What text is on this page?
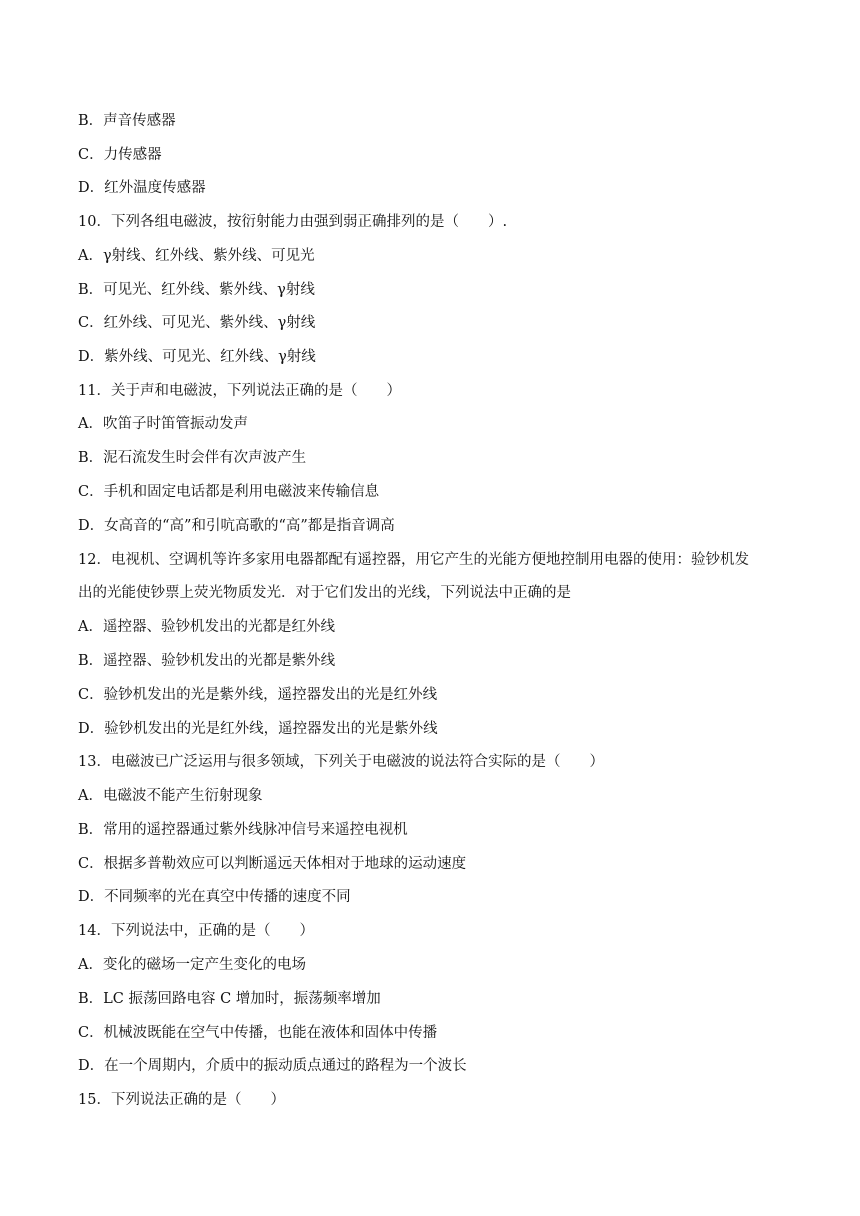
B．声音传感器
C．力传感器
D．红外温度传感器
10．下列各组电磁波，按衍射能力由强到弱正确排列的是（　　）.
A．γ射线、红外线、紫外线、可见光
B．可见光、红外线、紫外线、γ射线
C．红外线、可见光、紫外线、γ射线
D．紫外线、可见光、红外线、γ射线
11．关于声和电磁波，下列说法正确的是（　　）
A．吹笛子时笛管振动发声
B．泥石流发生时会伴有次声波产生
C．手机和固定电话都是利用电磁波来传输信息
D．女高音的“高”和引吭高歌的“高”都是指音调高
12．电视机、空调机等许多家用电器都配有遥控器，用它产生的光能方便地控制用电器的使用：验钞机发
出的光能使钞票上荧光物质发光．对于它们发出的光线，下列说法中正确的是
A．遥控器、验钞机发出的光都是红外线
B．遥控器、验钞机发出的光都是紫外线
C．验钞机发出的光是紫外线，遥控器发出的光是红外线
D．验钞机发出的光是红外线，遥控器发出的光是紫外线
13．电磁波已广泛运用与很多领域，下列关于电磁波的说法符合实际的是（　　）
A．电磁波不能产生衍射现象
B．常用的遥控器通过紫外线脉冲信号来遥控电视机
C．根据多普勒效应可以判断遥远天体相对于地球的运动速度
D．不同频率的光在真空中传播的速度不同
14．下列说法中，正确的是（　　）
A．变化的磁场一定产生变化的电场
B．LC 振荡回路电容 C 增加时，振荡频率增加
C．机械波既能在空气中传播，也能在液体和固体中传播
D．在一个周期内，介质中的振动质点通过的路程为一个波长
15．下列说法正确的是（　　）
